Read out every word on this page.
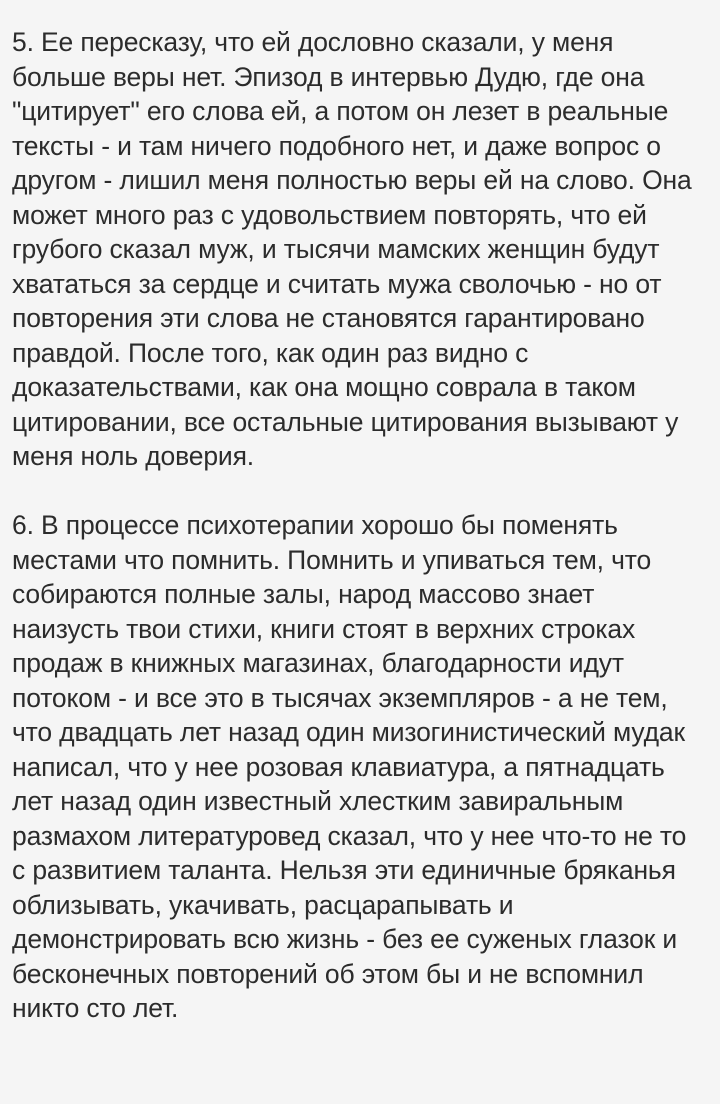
5. Ее пересказу, что ей дословно сказали, у меня
больше веры нет. Эпизод в интервью Дудю, где она
"цитирует" его слова ей, а потом он лезет в реальные
тексты - и там ничего подобного нет, и даже вопрос о
другом - лишил меня полностью веры ей на слово. Она
может много раз с удовольствием повторять, что ей
грубого сказал муж, и тысячи мамских женщин будут
хвататься за сердце и считать мужа сволочью - но от
повторения эти слова не становятся гарантировано
правдой. После того, как один раз видно с
доказательствами, как она мощно соврала в таком
цитировании, все остальные цитирования вызывают у
меня ноль доверия.
6. В процессе психотерапии хорошо бы поменять
местами что помнить. Помнить и упиваться тем, что
собираются полные залы, народ массово знает
наизусть твои стихи, книги стоят в верхних строках
продаж в книжных магазинах, благодарности идут
потоком - и все это в тысячах экземпляров - а не тем,
что двадцать лет назад один мизогинистический мудак
написал, что у нее розовая клавиатура, а пятнадцать
лет назад один известный хлестким завиральным
размахом литературовед сказал, что у нее что-то не то
с развитием таланта. Нельзя эти единичные бряканья
облизывать, укачивать, расцарапывать и
демонстрировать всю жизнь - без ее суженых глазок и
бесконечных повторений об этом бы и не вспомнил
никто сто лет.
